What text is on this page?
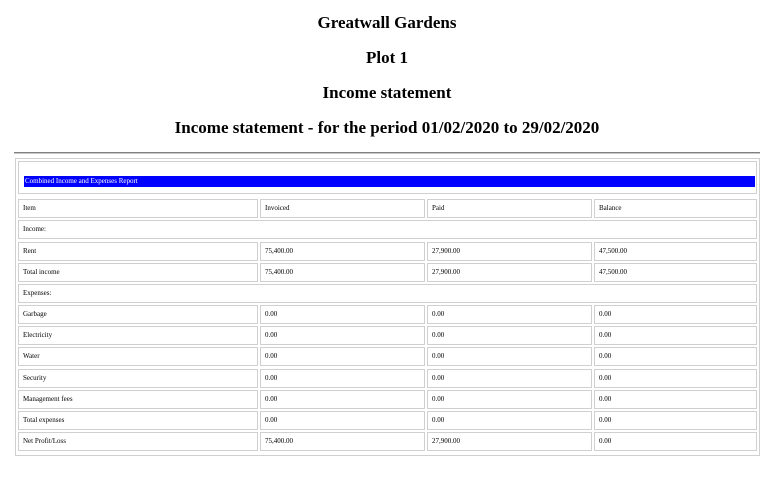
Greatwall Gardens
Plot 1
Income statement
Income statement - for the period 01/02/2020 to 29/02/2020
Combined Income and Expenses Report
Item	Invoiced	Paid	Balance
Income:
Rent	75,400.00	27,900.00	47,500.00
Total income	75,400.00	27,900.00	47,500.00
Expenses:
Garbage	0.00	0.00	0.00
Electricity	0.00	0.00	0.00
Water	0.00	0.00	0.00
Security	0.00	0.00	0.00
Management fees	0.00	0.00	0.00
Total expenses	0.00	0.00	0.00
Net Profit/Loss	75,400.00	27,900.00	0.00
